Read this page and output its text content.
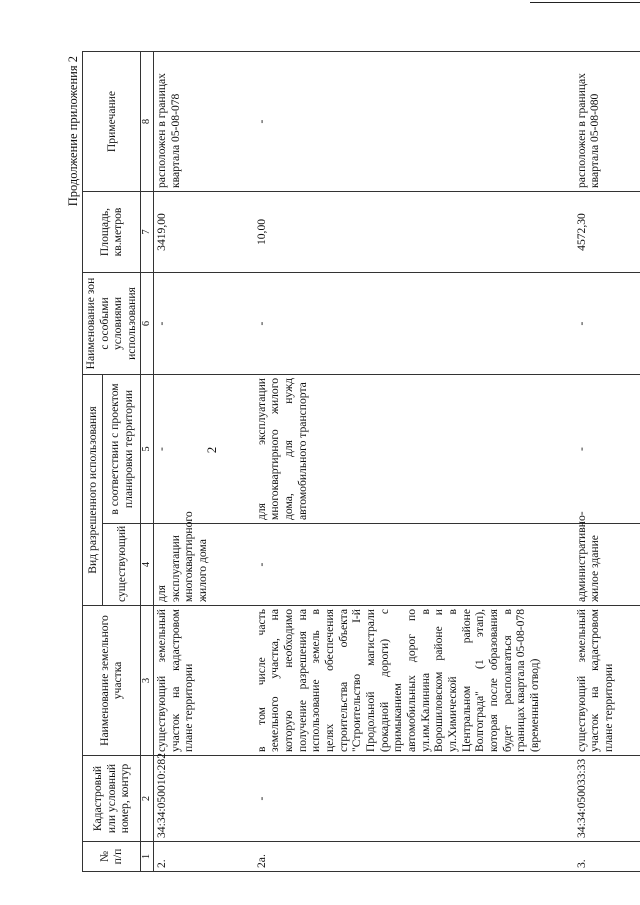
2
Продолжение приложения 2
№ п/п	Кадастровый или условный номер, контур	Наименование земельного участка	Вид разрешенного использования		Наименование зон с особыми условиями использования	Площадь, кв.метров	Примечание
			существующий	в соответствии с проектом планировки территории			
1	2	3	4	5	6	7	8
2.	34:34:050010:282	существующий земельный участок на кадастровом плане территории	для эксплуатации многоквартирного жилого дома	-	-	3419,00	расположен в границах квартала 05-08-078
2а.	-	в том числе часть земельного участка, на которую необходимо получение разрешения на использование земель в целях обеспечения строительства объекта "Строительство I-й Продольной магистрали (рокадной дороги) с примыканием автомобильных дорог по ул.им.Калинина в Ворошиловском районе и ул.Химической в Центральном районе Волгограда" (1 этап), которая после образования будет располагаться в границах квартала 05-08-078 (временный отвод)	-	для эксплуатации многоквартирного жилого дома, для нужд автомобильного транспорта	-	10,00	-
3.	34:34:050033:33	существующий земельный участок на кадастровом плане территории	административно-жилое здание	-	-	4572,30	расположен в границах квартала 05-08-080
